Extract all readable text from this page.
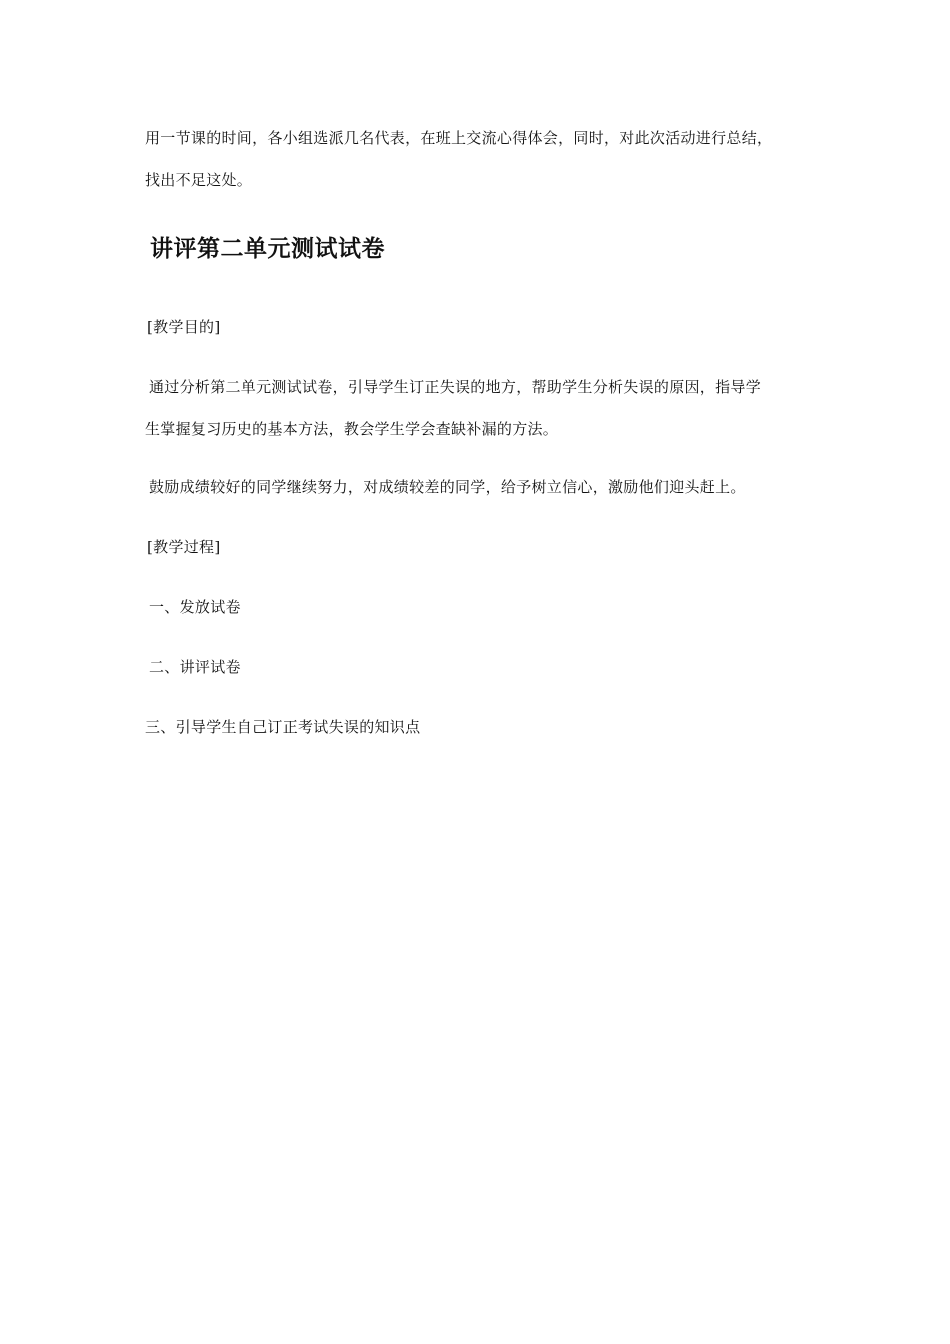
用一节课的时间，各小组选派几名代表，在班上交流心得体会，同时，对此次活动进行总结，
找出不足这处。
讲评第二单元测试试卷
[教学目的]
通过分析第二单元测试试卷，引导学生订正失误的地方，帮助学生分析失误的原因，指导学
生掌握复习历史的基本方法，教会学生学会查缺补漏的方法。
鼓励成绩较好的同学继续努力，对成绩较差的同学，给予树立信心，激励他们迎头赶上。
[教学过程]
一、发放试卷
二、讲评试卷
三、引导学生自己订正考试失误的知识点
